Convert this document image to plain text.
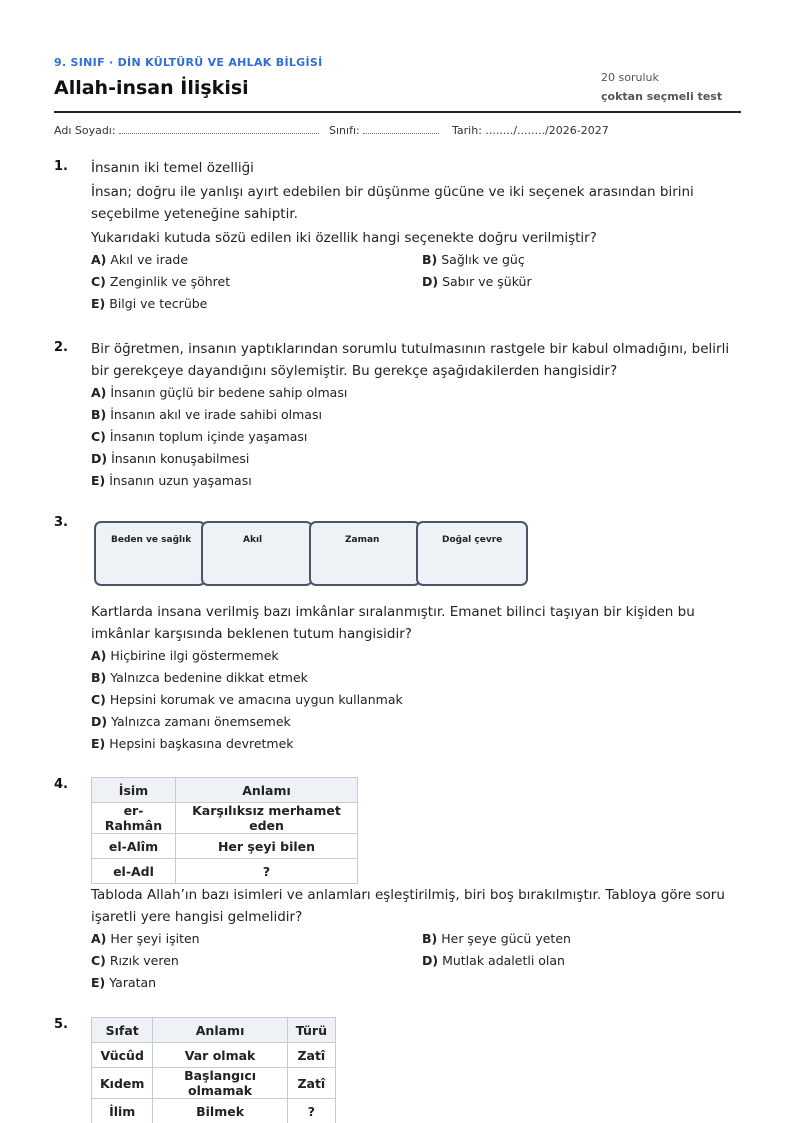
9. SINIF · DİN KÜLTÜRÜ VE AHLAK BİLGİSİ
Allah-insan İlişkisi	20 soruluk
çoktan seçmeli test
Adı Soyadı:	Sınıfı:	Tarih: ......../......../2026-2027
1. İnsanın iki temel özelliği

İnsan; doğru ile yanlışı ayırt edebilen bir düşünme gücüne ve iki seçenek arasından birini seçebilme yeteneğine sahiptir.

Yukarıdaki kutuda sözü edilen iki özellik hangi seçenekte doğru verilmiştir?

A) Akıl ve irade	B) Sağlık ve güç
C) Zenginlik ve şöhret	D) Sabır ve şükür
E) Bilgi ve tecrübe
2. Bir öğretmen, insanın yaptıklarından sorumlu tutulmasının rastgele bir kabul olmadığını, belirli bir gerekçeye dayandığını söylemiştir. Bu gerekçe aşağıdakilerden hangisidir?

A) İnsanın güçlü bir bedene sahip olması
B) İnsanın akıl ve irade sahibi olması
C) İnsanın toplum içinde yaşaması
D) İnsanın konuşabilmesi
E) İnsanın uzun yaşaması
3.
Beden ve sağlık	Akıl	Zaman	Doğal çevre

Kartlarda insana verilmiş bazı imkânlar sıralanmıştır. Emanet bilinci taşıyan bir kişiden bu imkânlar karşısında beklenen tutum hangisidir?

A) Hiçbirine ilgi göstermemek
B) Yalnızca bedenine dikkat etmek
C) Hepsini korumak ve amacına uygun kullanmak
D) Yalnızca zamanı önemsemek
E) Hepsini başkasına devretmek
4.	İsim	Anlamı
er-Rahmân	Karşılıksız merhamet eden
el-Alîm	Her şeyi bilen
el-Adl	?

Tabloda Allah’ın bazı isimleri ve anlamları eşleştirilmiş, biri boş bırakılmıştır. Tabloya göre soru işaretli yere hangisi gelmelidir?

A) Her şeyi işiten	B) Her şeye gücü yeten
C) Rızık veren	D) Mutlak adaletli olan
E) Yaratan
5.	Sıfat	Anlamı	Türü
Vücûd	Var olmak	Zatî
Kıdem	Başlangıcı olmamak	Zatî
İlim	Bilmek	?
